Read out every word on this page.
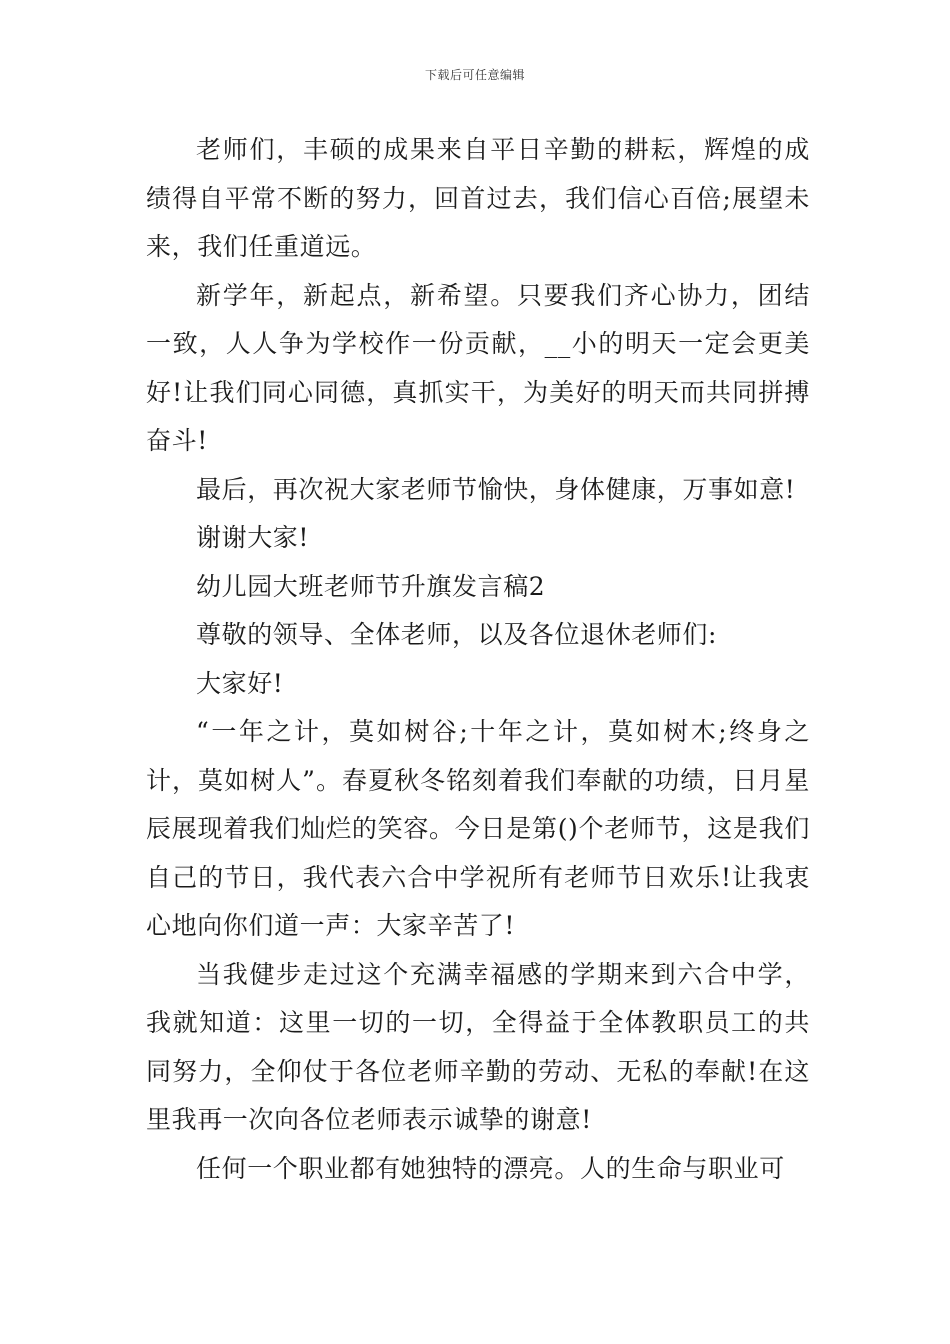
下载后可任意编辑

老师们，丰硕的成果来自平日辛勤的耕耘，辉煌的成绩得自平常不断的努力，回首过去，我们信心百倍;展望未来，我们任重道远。

新学年，新起点，新希望。只要我们齐心协力，团结一致，人人争为学校作一份贡献，__小的明天一定会更美好!让我们同心同德，真抓实干，为美好的明天而共同拼搏奋斗!

最后，再次祝大家老师节愉快，身体健康，万事如意!

谢谢大家!

幼儿园大班老师节升旗发言稿2

尊敬的领导、全体老师，以及各位退休老师们:

大家好!

“一年之计，莫如树谷;十年之计，莫如树木;终身之计，莫如树人”。春夏秋冬铭刻着我们奉献的功绩，日月星辰展现着我们灿烂的笑容。今日是第()个老师节，这是我们自己的节日，我代表六合中学祝所有老师节日欢乐!让我衷心地向你们道一声：大家辛苦了!

当我健步走过这个充满幸福感的学期来到六合中学，我就知道：这里一切的一切，全得益于全体教职员工的共同努力，全仰仗于各位老师辛勤的劳动、无私的奉献!在这里我再一次向各位老师表示诚挚的谢意!

任何一个职业都有她独特的漂亮。人的生命与职业可
